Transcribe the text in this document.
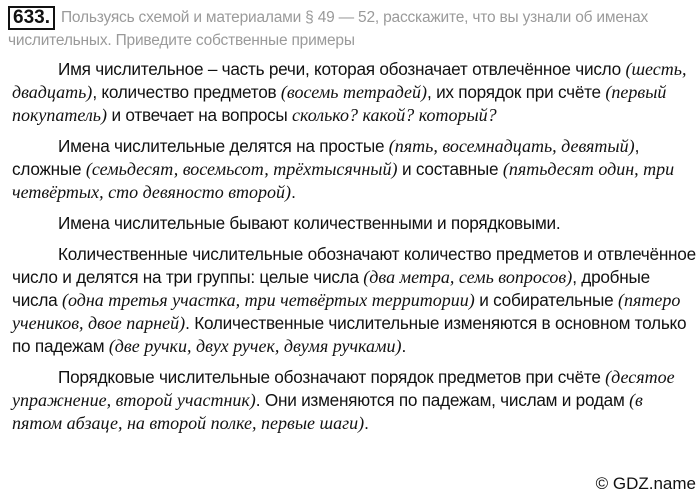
633. Пользуясь схемой и материалами § 49 — 52, расскажите, что вы узнали об именах числительных. Приведите собственные примеры

Имя числительное – часть речи, которая обозначает отвлечённое число (шесть, двадцать), количество предметов (восемь тетрадей), их порядок при счёте (первый покупатель) и отвечает на вопросы сколько? какой? который?

Имена числительные делятся на простые (пять, восемнадцать, девятый), сложные (семьдесят, восемьсот, трёхтысячный) и составные (пятьдесят один, три четвёртых, сто девяносто второй).

Имена числительные бывают количественными и порядковыми.

Количественные числительные обозначают количество предметов и отвлечённое число и делятся на три группы: целые числа (два метра, семь вопросов), дробные числа (одна третья участка, три четвёртых территории) и собирательные (пятеро учеников, двое парней). Количественные числительные изменяются в основном только по падежам (две ручки, двух ручек, двумя ручками).

Порядковые числительные обозначают порядок предметов при счёте (десятое упражнение, второй участник). Они изменяются по падежам, числам и родам (в пятом абзаце, на второй полке, первые шаги).

© GDZ.name
